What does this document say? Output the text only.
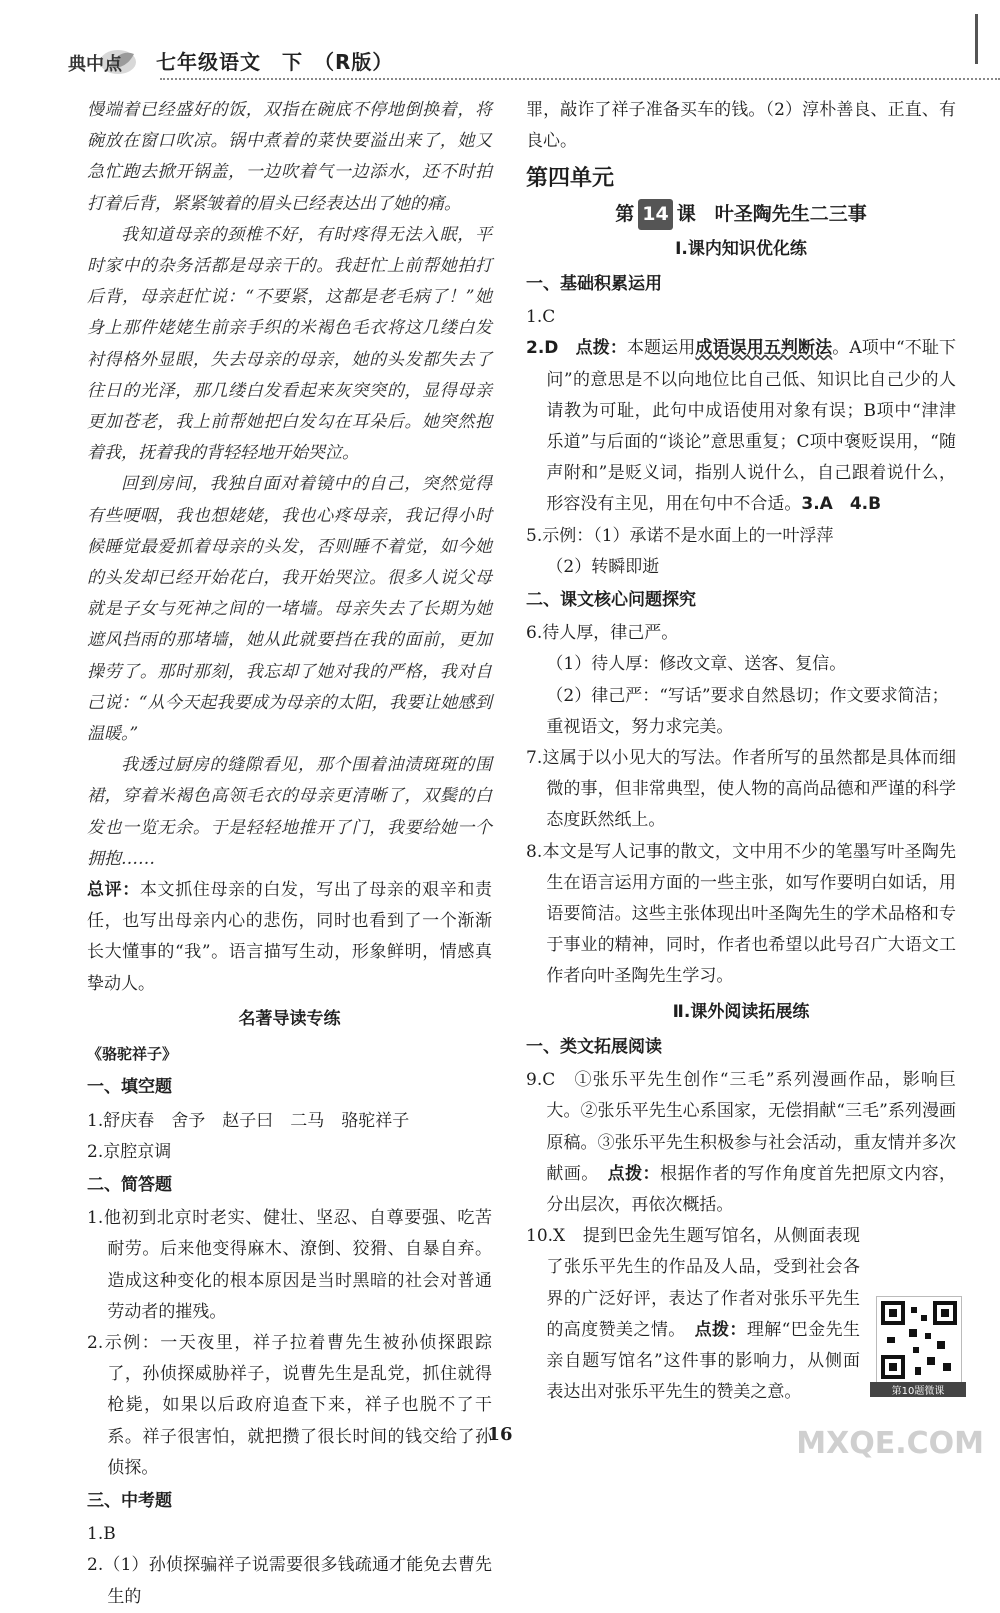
典中点 七年级语文　下　（R版）

慢端着已经盛好的饭，双指在碗底不停地倒换着，将碗放在窗口吹凉。锅中煮着的菜快要溢出来了，她又急忙跑去掀开锅盖，一边吹着气一边添水，还不时拍打着后背，紧紧皱着的眉头已经表达出了她的痛。

我知道母亲的颈椎不好，有时疼得无法入眠，平时家中的杂务活都是母亲干的。我赶忙上前帮她拍打后背，母亲赶忙说：“不要紧，这都是老毛病了！”她身上那件姥姥生前亲手织的米褐色毛衣将这几缕白发衬得格外显眼，失去母亲的母亲，她的头发都失去了往日的光泽，那几缕白发看起来灰突突的，显得母亲更加苍老，我上前帮她把白发勾在耳朵后。她突然抱着我，抚着我的背轻轻地开始哭泣。

回到房间，我独自面对着镜中的自己，突然觉得有些哽咽，我也想姥姥，我也心疼母亲，我记得小时候睡觉最爱抓着母亲的头发，否则睡不着觉，如今她的头发却已经开始花白，我开始哭泣。很多人说父母就是子女与死神之间的一堵墙。母亲失去了长期为她遮风挡雨的那堵墙，她从此就要挡在我的面前，更加操劳了。那时那刻，我忘却了她对我的严格，我对自己说：“从今天起我要成为母亲的太阳，我要让她感到温暖。”

我透过厨房的缝隙看见，那个围着油渍斑斑的围裙，穿着米褐色高领毛衣的母亲更清晰了，双鬓的白发也一览无余。于是轻轻地推开了门，我要给她一个拥抱……

总评：本文抓住母亲的白发，写出了母亲的艰辛和责任，也写出母亲内心的悲伤，同时也看到了一个渐渐长大懂事的“我”。语言描写生动，形象鲜明，情感真挚动人。

名著导读专练
《骆驼祥子》
一、填空题

1.舒庆春　舍予　赵子曰　二马　骆驼祥子

2.京腔京调

二、简答题

1.他初到北京时老实、健壮、坚忍、自尊要强、吃苦耐劳。后来他变得麻木、潦倒、狡猾、自暴自弃。造成这种变化的根本原因是当时黑暗的社会对普通劳动者的摧残。

2.示例：一天夜里，祥子拉着曹先生被孙侦探跟踪了，孙侦探威胁祥子，说曹先生是乱党，抓住就得枪毙，如果以后政府追查下来，祥子也脱不了干系。祥子很害怕，就把攒了很长时间的钱交给了孙侦探。

三、中考题

1.B

2.（1）孙侦探骗祥子说需要很多钱疏通才能免去曹先生的

罪，敲诈了祥子准备买车的钱。（2）淳朴善良、正直、有良心。

第四单元
第 14 课　叶圣陶先生二三事
Ⅰ.课内知识优化练
一、基础积累运用

1.C

2.D　 点拨：本题运用成语误用五判断法。A项中“不耻下问”的意思是不以向地位比自己低、知识比自己少的人请教为可耻，此句中成语使用对象有误；B项中“津津乐道”与后面的“谈论”意思重复；C项中褒贬误用，“随声附和”是贬义词，指别人说什么，自己跟着说什么，形容没有主见，用在句中不合适。3.A　4.B

5.示例：（1）承诺不是水面上的一叶浮萍

（2）转瞬即逝

二、课文核心问题探究

6.待人厚，律己严。

（1）待人厚：修改文章、送客、复信。

（2）律己严：“写话”要求自然恳切；作文要求简洁；重视语文，努力求完美。

7.这属于以小见大的写法。作者所写的虽然都是具体而细微的事，但非常典型，使人物的高尚品德和严谨的科学态度跃然纸上。

8.本文是写人记事的散文，文中用不少的笔墨写叶圣陶先生在语言运用方面的一些主张，如写作要明白如话，用语要简洁。这些主张体现出叶圣陶先生的学术品格和专于事业的精神，同时，作者也希望以此号召广大语文工作者向叶圣陶先生学习。

Ⅱ.课外阅读拓展练
一、类文拓展阅读

9.C　①张乐平先生创作“三毛”系列漫画作品，影响巨大。②张乐平先生心系国家，无偿捐献“三毛”系列漫画原稿。③张乐平先生积极参与社会活动，重友情并多次献画。　 点拨：根据作者的写作角度首先把原文内容，分出层次，再依次概括。

10.X　提到巴金先生题写馆名，从侧面表现了张乐平先生的作品及人品，受到社会各界的广泛好评，表达了作者对张乐平先生的高度赞美之情。　 点拨：理解“巴金先生亲自题写馆名”这件事的影响力，从侧面表达出对张乐平先生的赞美之意。	第10题微课
16	MXQE.COM
